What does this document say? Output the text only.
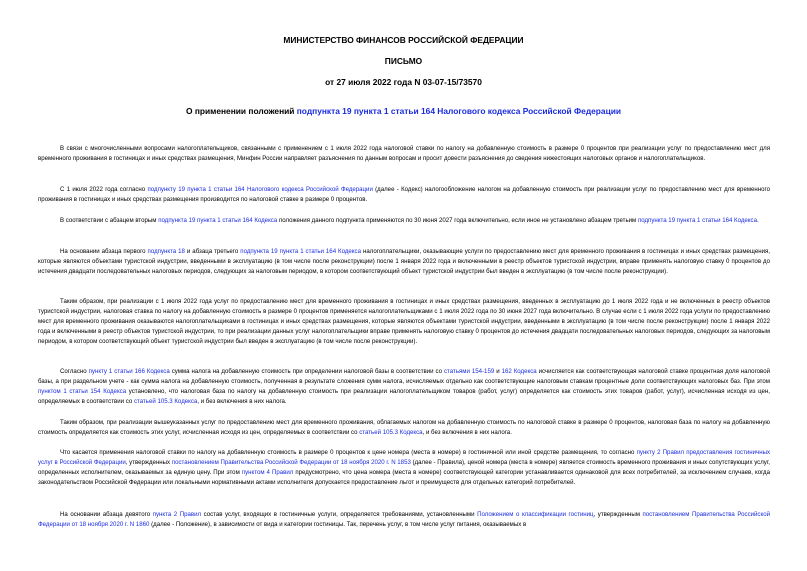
МИНИСТЕРСТВО ФИНАНСОВ РОССИЙСКОЙ ФЕДЕРАЦИИ
ПИСЬМО
от 27 июля 2022 года N 03-07-15/73570
О применении положений подпункта 19 пункта 1 статьи 164 Налогового кодекса Российской Федерации

В связи с многочисленными вопросами налогоплательщиков, связанными с применением с 1 июля 2022 года налоговой ставки по налогу на добавленную стоимость в размере 0 процентов при реализации услуг по предоставлению мест для временного проживания в гостиницах и иных средствах размещения, Минфин России направляет разъяснения по данным вопросам и просит довести разъяснения до сведения нижестоящих налоговых органов и налогоплательщиков.

С 1 июля 2022 года согласно подпункту 19 пункта 1 статьи 164 Налогового кодекса Российской Федерации (далее - Кодекс) налогообложение налогом на добавленную стоимость при реализации услуг по предоставлению мест для временного проживания в гостиницах и иных средствах размещения производится по налоговой ставке в размере 0 процентов.

В соответствии с абзацем вторым подпункта 19 пункта 1 статьи 164 Кодекса положения данного подпункта применяются по 30 июня 2027 года включительно, если иное не установлено абзацем третьим подпункта 19 пункта 1 статьи 164 Кодекса.

На основании абзаца первого подпункта 18 и абзаца третьего подпункта 19 пункта 1 статьи 164 Кодекса налогоплательщики, оказывающие услуги по предоставлению мест для временного проживания в гостиницах и иных средствах размещения, которые являются объектами туристской индустрии, введенными в эксплуатацию (в том числе после реконструкции) после 1 января 2022 года и включенными в реестр объектов туристской индустрии, вправе применять налоговую ставку 0 процентов до истечения двадцати последовательных налоговых периодов, следующих за налоговым периодом, в котором соответствующий объект туристской индустрии был введен в эксплуатацию (в том числе после реконструкции).

Таким образом, при реализации с 1 июля 2022 года услуг по предоставлению мест для временного проживания в гостиницах и иных средствах размещения, введенных в эксплуатацию до 1 июля 2022 года и не включенных в реестр объектов туристской индустрии, налоговая ставка по налогу на добавленную стоимость в размере 0 процентов применяется налогоплательщиками с 1 июля 2022 года по 30 июня 2027 года включительно. В случае если с 1 июля 2022 года услуги по предоставлению мест для временного проживания оказываются налогоплательщиками в гостиницах и иных средствах размещения, которые являются объектами туристской индустрии, введенными в эксплуатацию (в том числе после реконструкции) после 1 января 2022 года и включенными в реестр объектов туристской индустрии, то при реализации данных услуг налогоплательщики вправе применять налоговую ставку 0 процентов до истечения двадцати последовательных налоговых периодов, следующих за налоговым периодом, в котором соответствующий объект туристской индустрии был введен в эксплуатацию (в том числе после реконструкции).

Согласно пункту 1 статьи 166 Кодекса сумма налога на добавленную стоимость при определении налоговой базы в соответствии со статьями 154-159 и 162 Кодекса исчисляется как соответствующая налоговой ставке процентная доля налоговой базы, а при раздельном учете - как сумма налога на добавленную стоимость, полученная в результате сложения сумм налога, исчисляемых отдельно как соответствующие налоговым ставкам процентные доли соответствующих налоговых баз. При этом пунктом 1 статьи 154 Кодекса установлено, что налоговая база по налогу на добавленную стоимость при реализации налогоплательщиком товаров (работ, услуг) определяется как стоимость этих товаров (работ, услуг), исчисленная исходя из цен, определяемых в соответствии со статьей 105.3 Кодекса, и без включения в них налога.

Таким образом, при реализации вышеуказанных услуг по предоставлению мест для временного проживания, облагаемых налогом на добавленную стоимость по налоговой ставке в размере 0 процентов, налоговая база по налогу на добавленную стоимость определяется как стоимость этих услуг, исчисленная исходя из цен, определяемых в соответствии со статьей 105.3 Кодекса, и без включения в них налога.

Что касается применения налоговой ставки по налогу на добавленную стоимость в размере 0 процентов к цене номера (места в номере) в гостиничной или иной средстве размещения, то согласно пункту 2 Правил предоставления гостиничных услуг в Российской Федерации, утвержденных постановлением Правительства Российской Федерации от 18 ноября 2020 г. N 1853 (далее - Правила), ценой номера (места в номере) является стоимость временного проживания и иных сопутствующих услуг, определенных исполнителем, оказываемых за единую цену. При этом пунктом 4 Правил предусмотрено, что цена номера (места в номере) соответствующей категории устанавливается одинаковой для всех потребителей, за исключением случаев, когда законодательством Российской Федерации или локальными нормативными актами исполнителя допускается предоставление льгот и преимуществ для отдельных категорий потребителей.

На основании абзаца девятого пункта 2 Правил состав услуг, входящих в гостиничные услуги, определяется требованиями, установленными Положением о классификации гостиниц, утвержденным постановлением Правительства Российской Федерации от 18 ноября 2020 г. N 1860 (далее - Положение), в зависимости от вида и категории гостиницы. Так, перечень услуг, в том числе услуг питания, оказываемых в
